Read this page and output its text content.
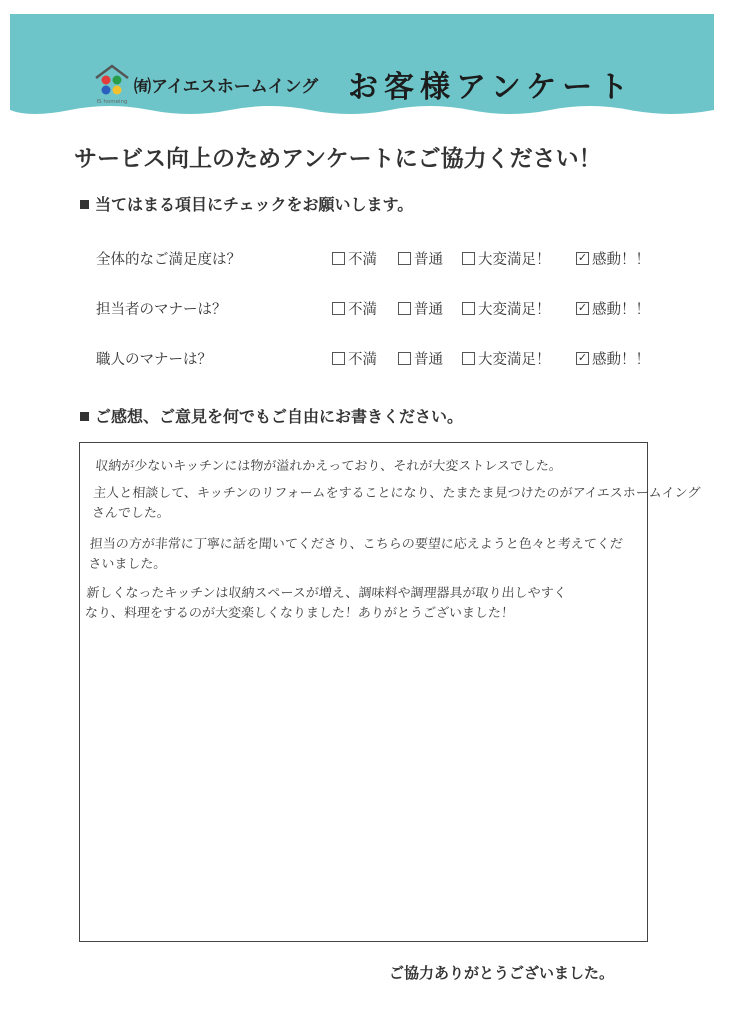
IS homeing
㈲アイエスホームイング お客様アンケート
サービス向上のためアンケートにご協力ください！
当てはまる項目にチェックをお願いします。
全体的なご満足度は？	不満	普通	大変満足！ ✓	感動！！
担当者のマナーは？	不満	普通	大変満足！ ✓	感動！！
職人のマナーは？	不満	普通	大変満足！ ✓	感動！！
ご感想、ご意見を何でもご自由にお書きください。

収納が少ないキッチンには物が溢れかえっており、それが大変ストレスでした。

主人と相談して、キッチンのリフォームをすることになり、たまたま見つけたのがアイエスホームイング

さんでした。

担当の方が非常に丁寧に話を聞いてくださり、こちらの要望に応えようと色々と考えてくだ

さいました。

新しくなったキッチンは収納スペースが増え、調味料や調理器具が取り出しやすく

なり、料理をするのが大変楽しくなりました！ありがとうございました！

ご協力ありがとうございました。
